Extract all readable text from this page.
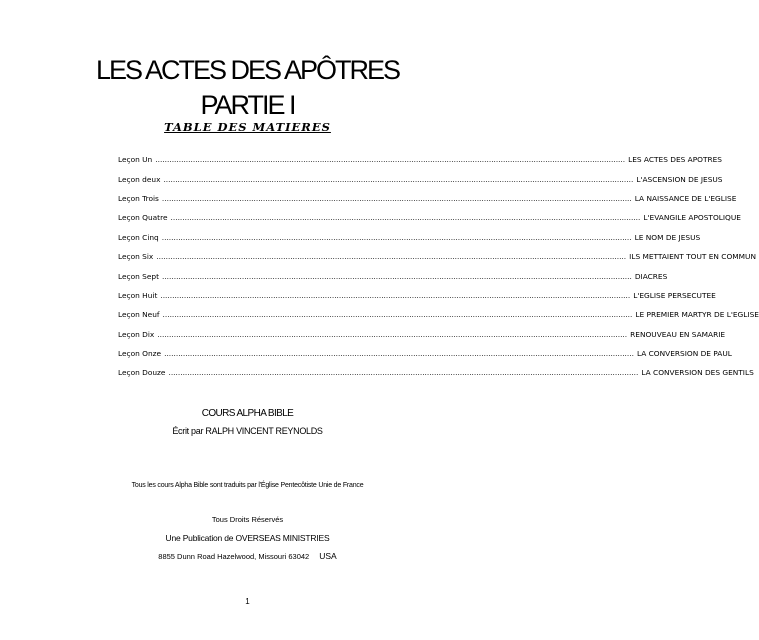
LES ACTES DES APÔTRES
PARTIE I
TABLE DES MATIERES
Leçon Un ........................................................................................................................................................................................................ LES ACTES DES APOTRES
Leçon deux ........................................................................................................................................................................................................ L'ASCENSION DE JESUS
Leçon Trois ........................................................................................................................................................................................................ LA NAISSANCE DE L'EGLISE
Leçon Quatre ........................................................................................................................................................................................................ L'EVANGILE APOSTOLIQUE
Leçon Cinq ........................................................................................................................................................................................................ LE NOM DE JESUS
Leçon Six ........................................................................................................................................................................................................ ILS METTAIENT TOUT EN COMMUN
Leçon Sept ........................................................................................................................................................................................................ DIACRES
Leçon Huit ........................................................................................................................................................................................................ L'EGLISE PERSECUTEE
Leçon Neuf ........................................................................................................................................................................................................ LE PREMIER MARTYR DE L'EGLISE
Leçon Dix ........................................................................................................................................................................................................ RENOUVEAU EN SAMARIE
Leçon Onze ........................................................................................................................................................................................................ LA CONVERSION DE PAUL
Leçon Douze ........................................................................................................................................................................................................ LA CONVERSION DES GENTILS
COURS ALPHA BIBLE
Écrit par RALPH VINCENT REYNOLDS
Tous les cours Alpha Bible sont traduits par l'Église Pentecôtiste Unie de France
Tous Droits Réservés
Une Publication de OVERSEAS MINISTRIES
8855 Dunn Road Hazelwood, Missouri 63042 USA
1
